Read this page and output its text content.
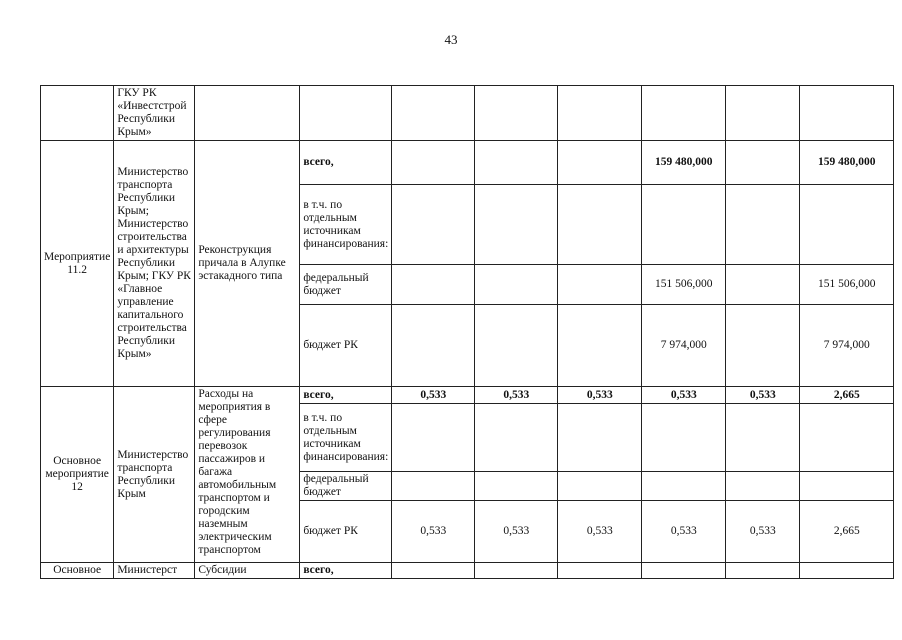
43
	ГКУ РК «Инвестстрой Республики Крым»								
Мероприятие 11.2	Министерство транспорта Республики Крым; Министерство строительства и архитектуры Республики Крым; ГКУ РК «Главное управление капитального строительства Республики Крым»	Реконструкция причала в Алупке эстакадного типа	всего,				159 480,000		159 480,000
			в т.ч. по отдельным источникам финансирования:						
			федеральный бюджет				151 506,000		151 506,000
			бюджет РК				7 974,000		7 974,000
Основное мероприятие 12	Министерство транспорта Республики Крым	Расходы на мероприятия в сфере регулирования перевозок пассажиров и багажа автомобильным транспортом и городским наземным электрическим транспортом	всего,	0,533	0,533	0,533	0,533	0,533	2,665
			в т.ч. по отдельным источникам финансирования:						
			федеральный бюджет						
			бюджет РК	0,533	0,533	0,533	0,533	0,533	2,665
Основное	Министерст	Субсидии	всего,						
